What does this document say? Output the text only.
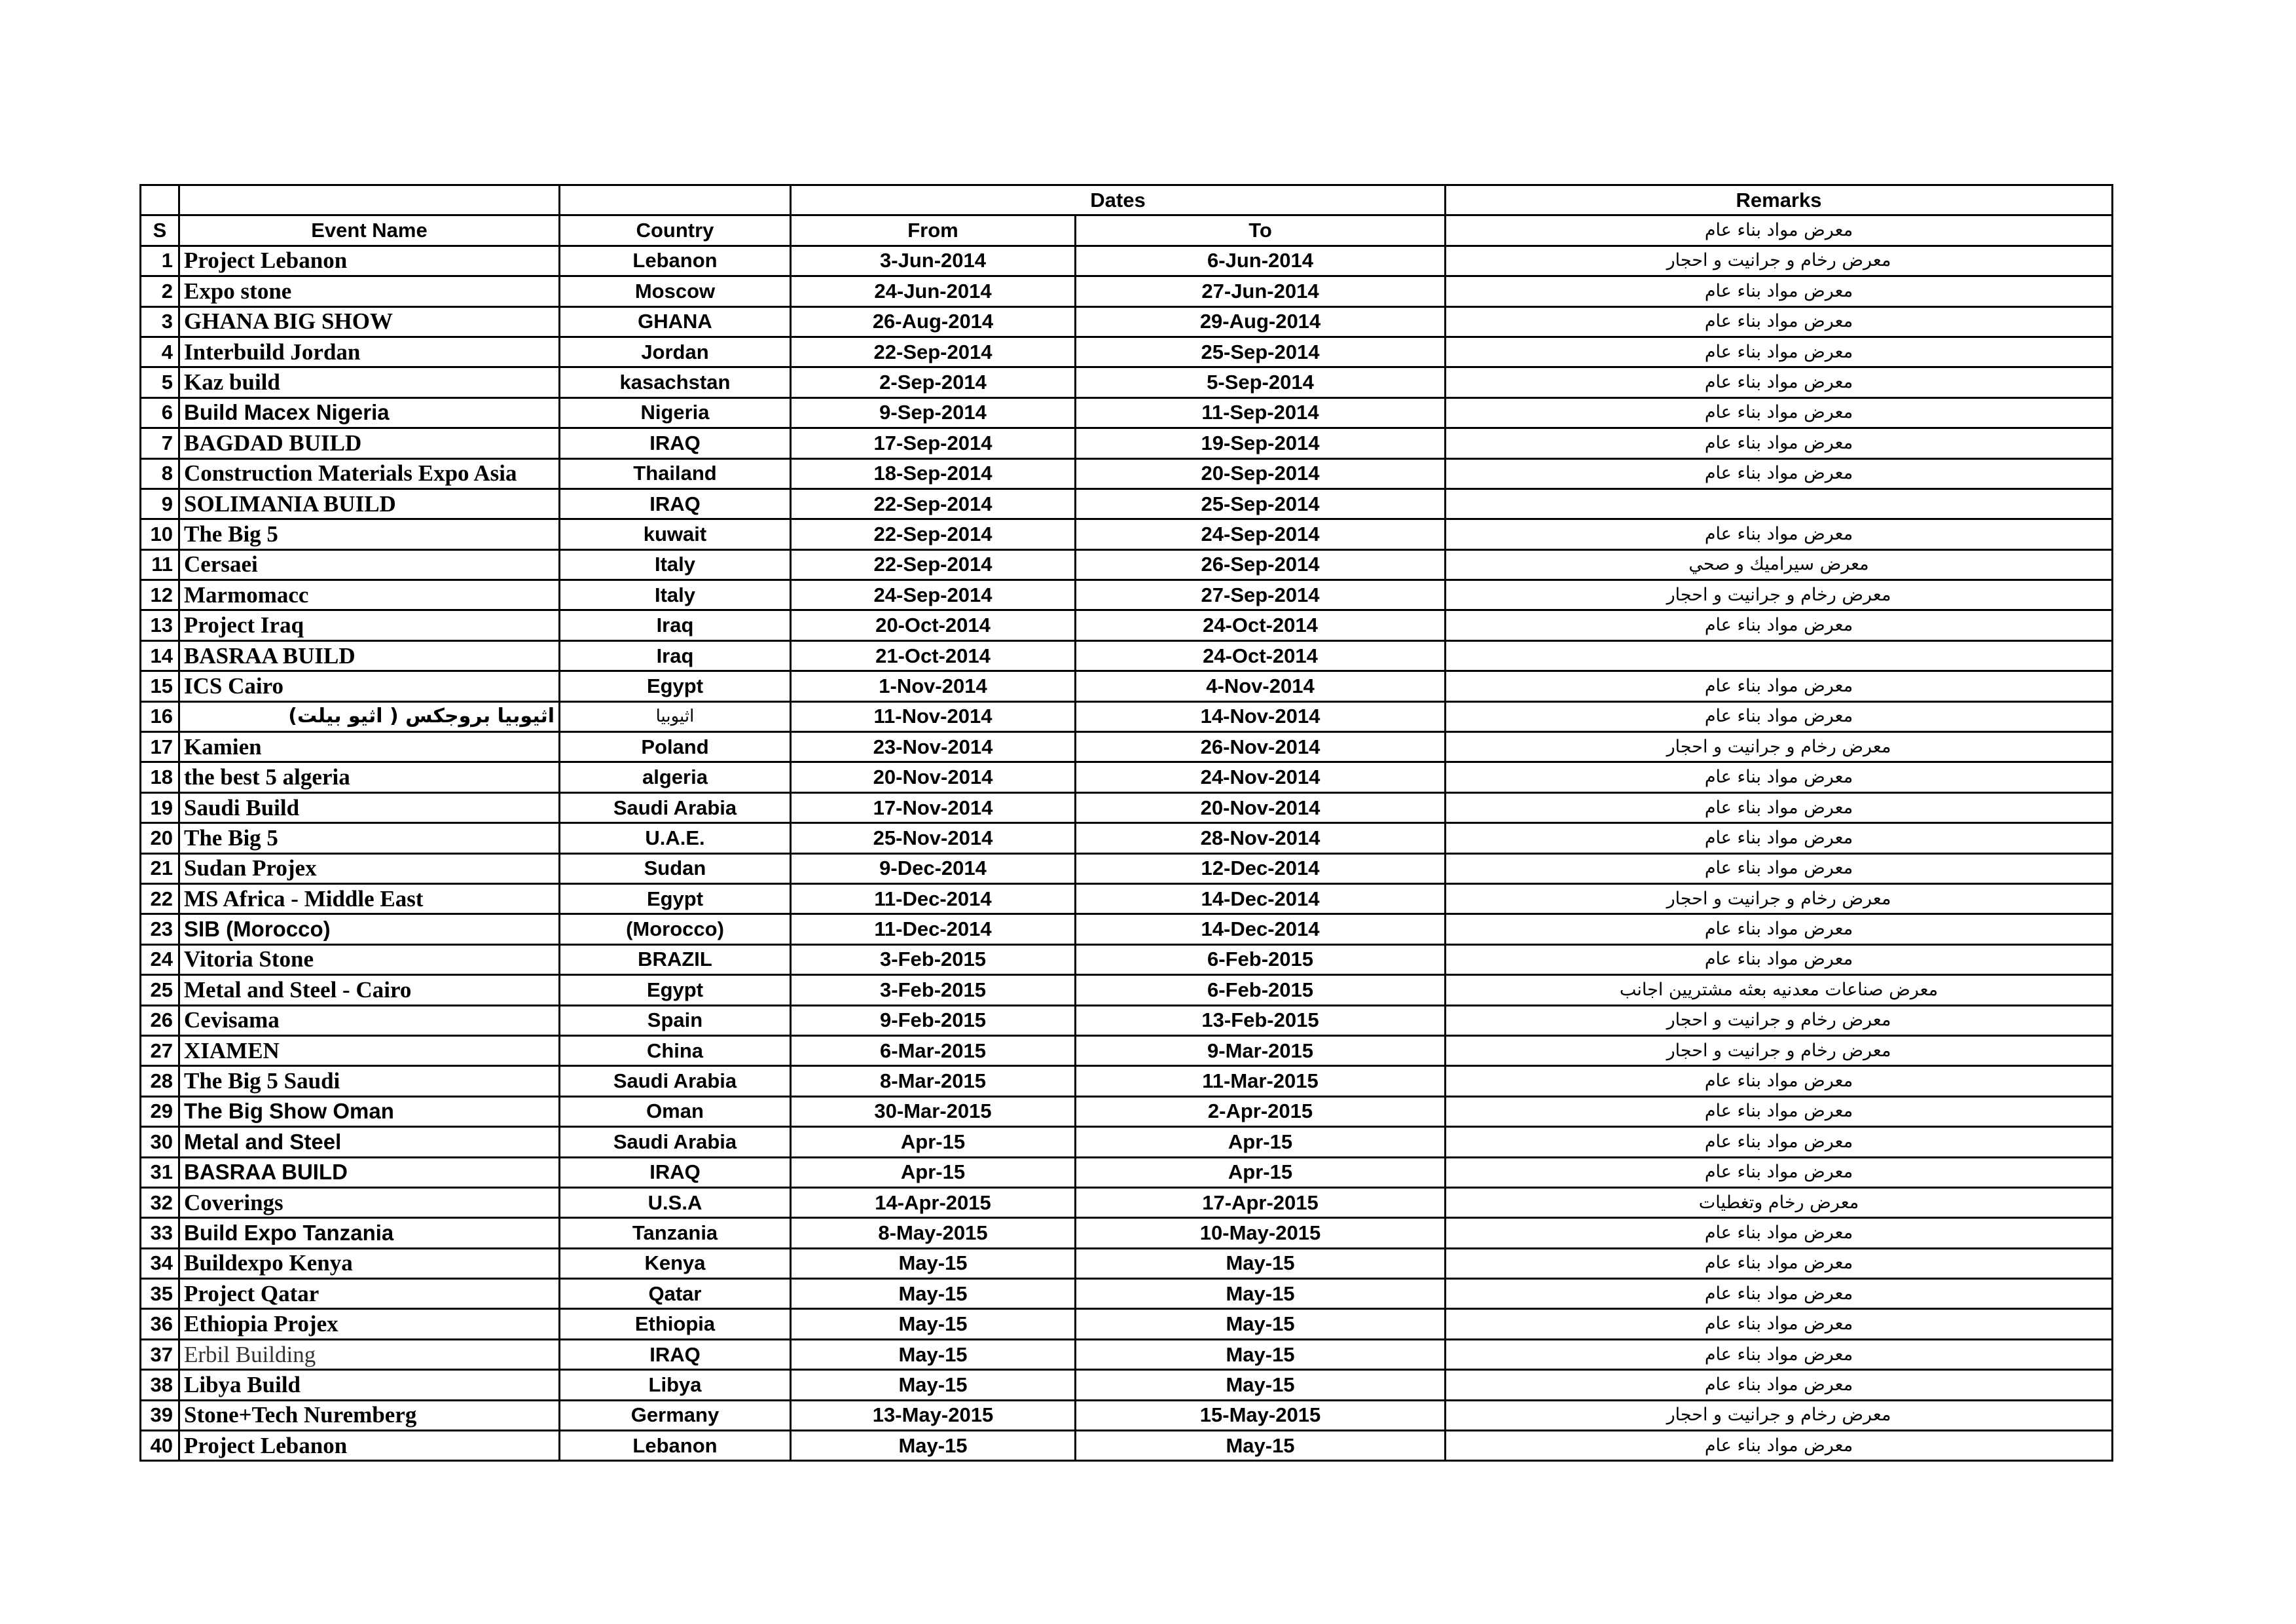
			Dates		Remarks
S	Event Name	Country	From	To	معرض مواد بناء عام
1	Project Lebanon	Lebanon	3-Jun-2014	6-Jun-2014	معرض رخام و جرانيت و احجار
2	Expo stone	Moscow	24-Jun-2014	27-Jun-2014	معرض مواد بناء عام
3	GHANA BIG SHOW	GHANA	26-Aug-2014	29-Aug-2014	معرض مواد بناء عام
4	Interbuild Jordan	Jordan	22-Sep-2014	25-Sep-2014	معرض مواد بناء عام
5	Kaz build	kasachstan	2-Sep-2014	5-Sep-2014	معرض مواد بناء عام
6	Build Macex Nigeria	Nigeria	9-Sep-2014	11-Sep-2014	معرض مواد بناء عام
7	BAGDAD BUILD	IRAQ	17-Sep-2014	19-Sep-2014	معرض مواد بناء عام
8	Construction Materials Expo Asia	Thailand	18-Sep-2014	20-Sep-2014	معرض مواد بناء عام
9	SOLIMANIA BUILD	IRAQ	22-Sep-2014	25-Sep-2014	
10	The Big 5	kuwait	22-Sep-2014	24-Sep-2014	معرض مواد بناء عام
11	Cersaei	Italy	22-Sep-2014	26-Sep-2014	معرض سيراميك و صحي
12	Marmomacc	Italy	24-Sep-2014	27-Sep-2014	معرض رخام و جرانيت و احجار
13	Project Iraq	Iraq	20-Oct-2014	24-Oct-2014	معرض مواد بناء عام
14	BASRAA BUILD	Iraq	21-Oct-2014	24-Oct-2014	
15	ICS Cairo	Egypt	1-Nov-2014	4-Nov-2014	معرض مواد بناء عام
16	اثيوبيا بروجكس ( اثيو بيلت)	اثيوبيا	11-Nov-2014	14-Nov-2014	معرض مواد بناء عام
17	Kamien	Poland	23-Nov-2014	26-Nov-2014	معرض رخام و جرانيت و احجار
18	the best 5 algeria	algeria	20-Nov-2014	24-Nov-2014	معرض مواد بناء عام
19	Saudi Build	Saudi Arabia	17-Nov-2014	20-Nov-2014	معرض مواد بناء عام
20	The Big 5	U.A.E.	25-Nov-2014	28-Nov-2014	معرض مواد بناء عام
21	Sudan Projex	Sudan	9-Dec-2014	12-Dec-2014	معرض مواد بناء عام
22	MS Africa - Middle East	Egypt	11-Dec-2014	14-Dec-2014	معرض رخام و جرانيت و احجار
23	SIB (Morocco)	(Morocco)	11-Dec-2014	14-Dec-2014	معرض مواد بناء عام
24	Vitoria Stone	BRAZIL	3-Feb-2015	6-Feb-2015	معرض مواد بناء عام
25	Metal and Steel - Cairo	Egypt	3-Feb-2015	6-Feb-2015	معرض صناعات معدنيه بعثه مشتريين اجانب
26	Cevisama	Spain	9-Feb-2015	13-Feb-2015	معرض رخام و جرانيت و احجار
27	XIAMEN	China	6-Mar-2015	9-Mar-2015	معرض رخام و جرانيت و احجار
28	The Big 5 Saudi	Saudi Arabia	8-Mar-2015	11-Mar-2015	معرض مواد بناء عام
29	The Big Show Oman	Oman	30-Mar-2015	2-Apr-2015	معرض مواد بناء عام
30	Metal and Steel	Saudi Arabia	Apr-15	Apr-15	معرض مواد بناء عام
31	BASRAA BUILD	IRAQ	Apr-15	Apr-15	معرض مواد بناء عام
32	Coverings	U.S.A	14-Apr-2015	17-Apr-2015	معرض رخام وتغطيات
33	Build Expo Tanzania	Tanzania	8-May-2015	10-May-2015	معرض مواد بناء عام
34	Buildexpo Kenya	Kenya	May-15	May-15	معرض مواد بناء عام
35	Project Qatar	Qatar	May-15	May-15	معرض مواد بناء عام
36	Ethiopia Projex	Ethiopia	May-15	May-15	معرض مواد بناء عام
37	Erbil Building	IRAQ	May-15	May-15	معرض مواد بناء عام
38	Libya Build	Libya	May-15	May-15	معرض مواد بناء عام
39	Stone+Tech Nuremberg	Germany	13-May-2015	15-May-2015	معرض رخام و جرانيت و احجار
40	Project Lebanon	Lebanon	May-15	May-15	معرض مواد بناء عام
